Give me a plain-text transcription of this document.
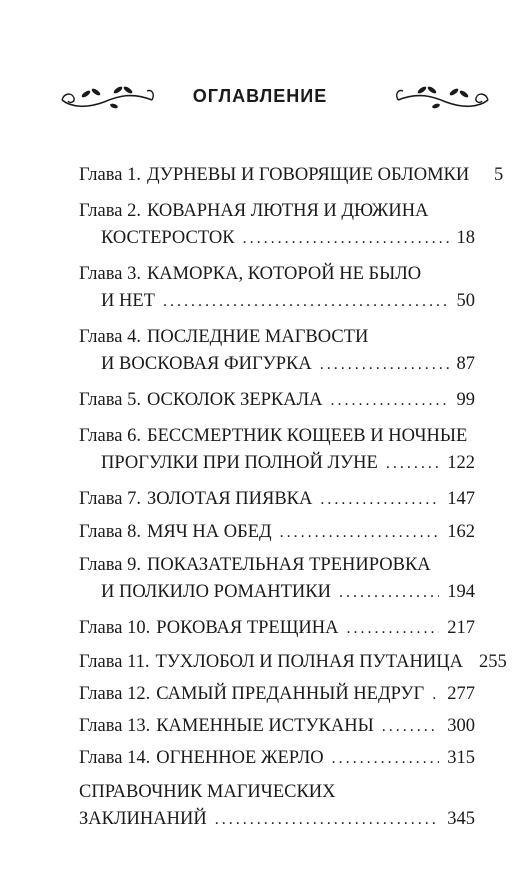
ОГЛАВЛЕНИЕ
Глава 1. ДУРНЕВЫ И ГОВОРЯЩИЕ ОБЛОМКИ	5
Глава 2. КОВАРНАЯ ЛЮТНЯ И ДЮЖИНА
КОСТЕРОСТОК .....	18
Глава 3. КАМОРКА, КОТОРОЙ НЕ БЫЛО
И НЕТ .....	50
Глава 4. ПОСЛЕДНИЕ МАГВОСТИ
И ВОСКОВАЯ ФИГУРКА .....	87
Глава 5. ОСКОЛОК ЗЕРКАЛА .....	99
Глава 6. БЕССМЕРТНИК КОЩЕЕВ И НОЧНЫЕ
ПРОГУЛКИ ПРИ ПОЛНОЙ ЛУНЕ .....	122
Глава 7. ЗОЛОТАЯ ПИЯВКА .....	147
Глава 8. МЯЧ НА ОБЕД .....	162
Глава 9. ПОКАЗАТЕЛЬНАЯ ТРЕНИРОВКА
И ПОЛКИЛО РОМАНТИКИ .....	194
Глава 10. РОКОВАЯ ТРЕЩИНА .....	217
Глава 11. ТУХЛОБОЛ И ПОЛНАЯ ПУТАНИЦА 255
Глава 12. САМЫЙ ПРЕДАННЫЙ НЕДРУГ ..... 277
Глава 13. КАМЕННЫЕ ИСТУКАНЫ .....	300
Глава 14. ОГНЕННОЕ ЖЕРЛО .....	315
СПРАВОЧНИК МАГИЧЕСКИХ
ЗАКЛИНАНИЙ .....	345
